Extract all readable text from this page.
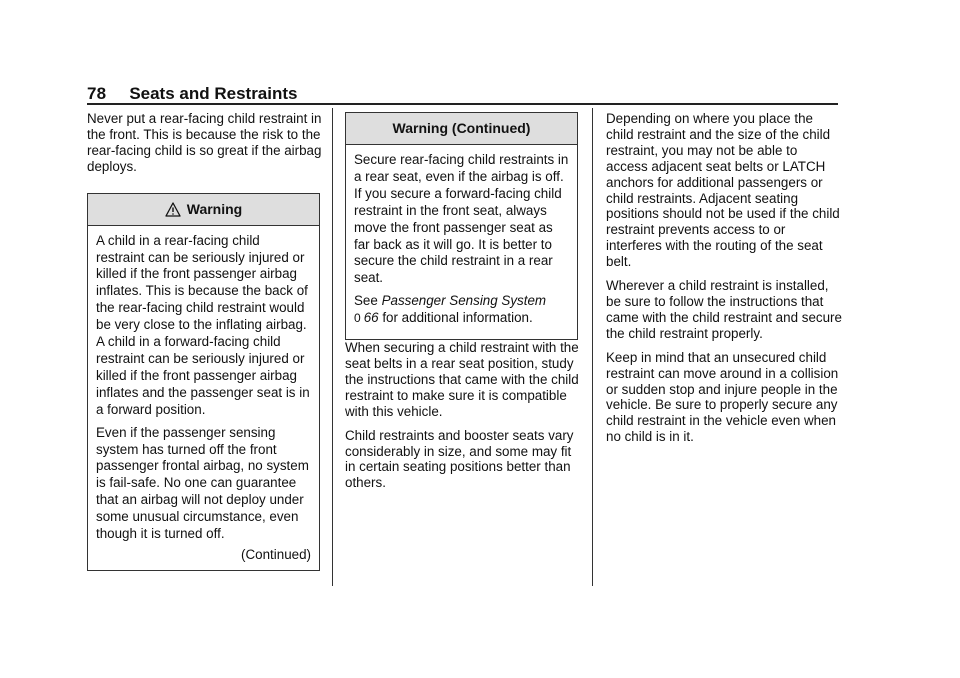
78 Seats and Restraints

Never put a rear-facing child restraint in the front. This is because the risk to the rear-facing child is so great if the airbag deploys.

Warning

A child in a rear-facing child restraint can be seriously injured or killed if the front passenger airbag inflates. This is because the back of the rear-facing child restraint would be very close to the inflating airbag. A child in a forward-facing child restraint can be seriously injured or killed if the front passenger airbag inflates and the passenger seat is in a forward position.

Even if the passenger sensing system has turned off the front passenger frontal airbag, no system is fail-safe. No one can guarantee that an airbag will not deploy under some unusual circumstance, even though it is turned off.

(Continued)
Warning (Continued)

Secure rear-facing child restraints in a rear seat, even if the airbag is off. If you secure a forward-facing child restraint in the front seat, always move the front passenger seat as far back as it will go. It is better to secure the child restraint in a rear seat.

See Passenger Sensing System
0 66 for additional information.

When securing a child restraint with the seat belts in a rear seat position, study the instructions that came with the child restraint to make sure it is compatible with this vehicle.

Child restraints and booster seats vary considerably in size, and some may fit in certain seating positions better than others.

Depending on where you place the child restraint and the size of the child restraint, you may not be able to access adjacent seat belts or LATCH anchors for additional passengers or child restraints. Adjacent seating positions should not be used if the child restraint prevents access to or interferes with the routing of the seat belt.

Wherever a child restraint is installed, be sure to follow the instructions that came with the child restraint and secure the child restraint properly.

Keep in mind that an unsecured child restraint can move around in a collision or sudden stop and injure people in the vehicle. Be sure to properly secure any child restraint in the vehicle even when no child is in it.
